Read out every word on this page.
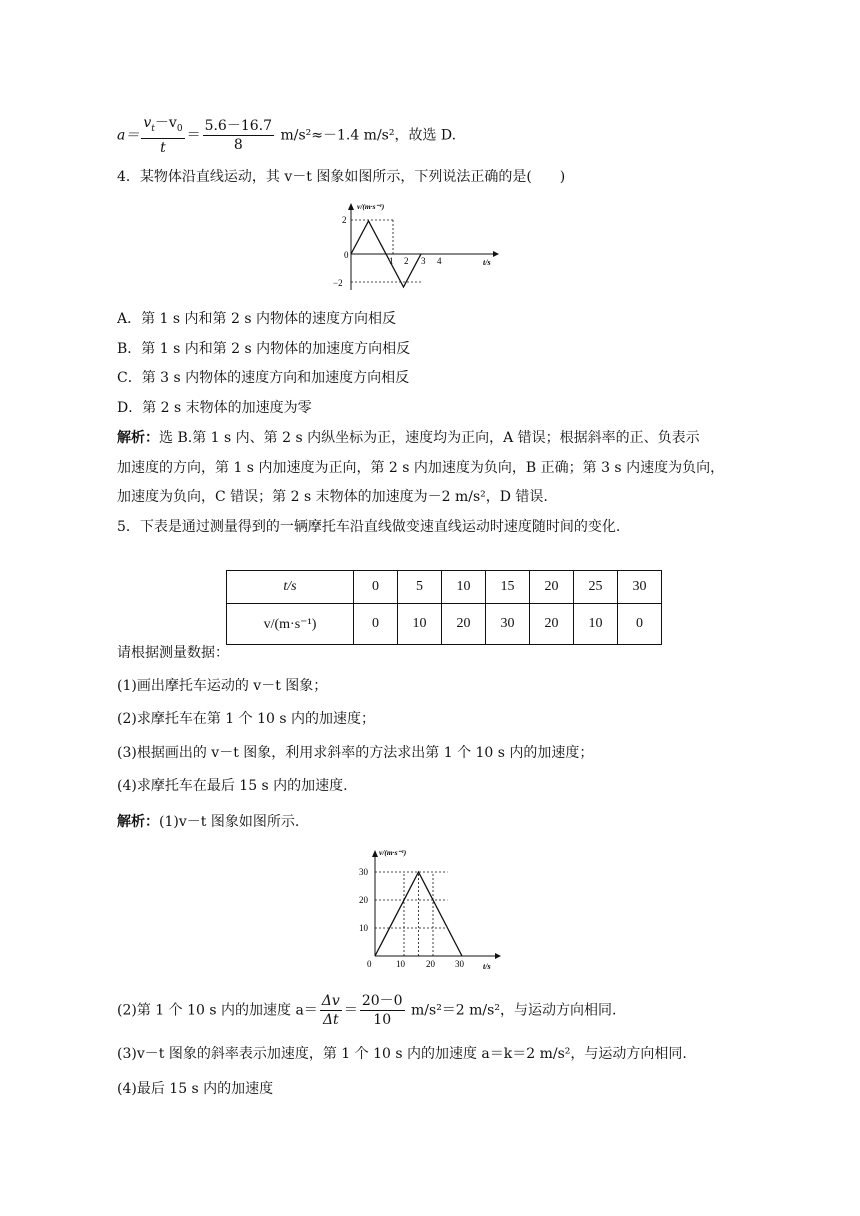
$a= \frac{v_t-v_0}{t} = \frac{5.6-16.7}{8} m/s^2\approx-1.4$ m/s²，故选 D.
4．某物体沿直线运动，其 v－t 图象如图所示，下列说法正确的是(　　)
v/(m·s⁻¹)
t/s
0
2
−2
1 2 3 4
A．第 1 s 内和第 2 s 内物体的速度方向相反
B．第 1 s 内和第 2 s 内物体的加速度方向相反
C．第 3 s 内物体的速度方向和加速度方向相反
D．第 2 s 末物体的加速度为零
解析：选 B.第 1 s 内、第 2 s 内纵坐标为正，速度均为正向，A 错误；根据斜率的正、负表示
加速度的方向，第 1 s 内加速度为正向，第 2 s 内加速度为负向，B 正确；第 3 s 内速度为负向，
加速度为负向，C 错误；第 2 s 末物体的加速度为－2 m/s²，D 错误.
5．下表是通过测量得到的一辆摩托车沿直线做变速直线运动时速度随时间的变化.
t/s	0	5	10	15	20	25	30
v/(m·s⁻¹)	0	10	20	30	20	10	0
请根据测量数据：
(1)画出摩托车运动的 v－t 图象；
(2)求摩托车在第 1 个 10 s 内的加速度；
(3)根据画出的 v－t 图象，利用求斜率的方法求出第 1 个 10 s 内的加速度；
(4)求摩托车在最后 15 s 内的加速度.
解析：(1)v－t 图象如图所示.
v/(m·s⁻¹)
t/s
0
10
20
30
10 20 30
(2)第 1 个 10 s 内的加速度 $a= \frac{\Delta v}{\Delta t} = \frac{20-0}{10} m/s^2=2$ m/s²，与运动方向相同.
(3)v－t 图象的斜率表示加速度，第 1 个 10 s 内的加速度 a＝k＝2 m/s²，与运动方向相同.
(4)最后 15 s 内的加速度
